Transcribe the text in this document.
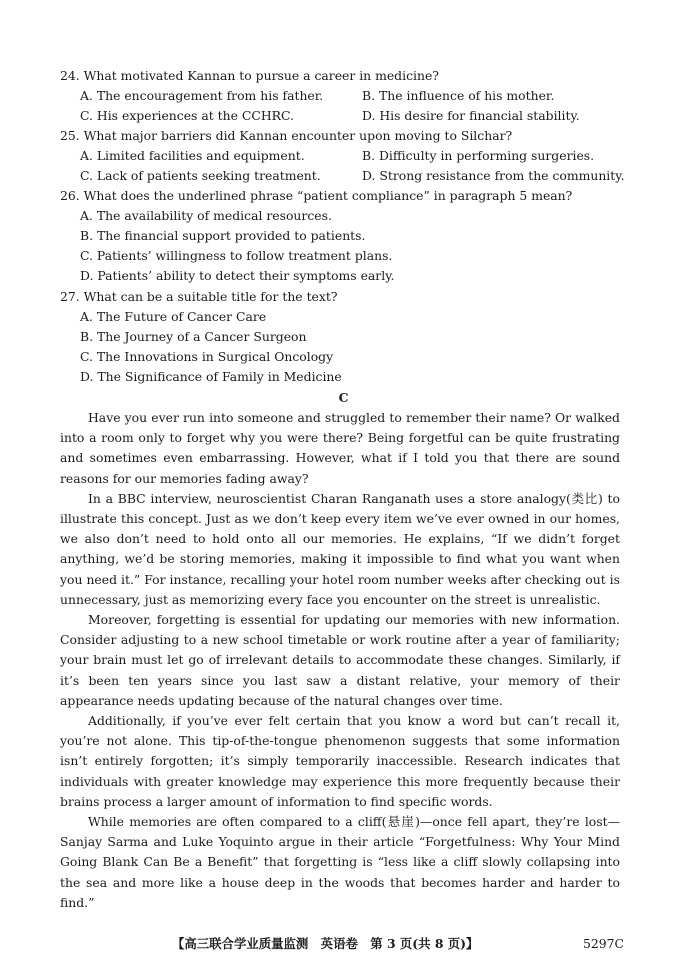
24. What motivated Kannan to pursue a career in medicine?
A. The encouragement from his father.	B. The influence of his mother.
C. His experiences at the CCHRC.	D. His desire for financial stability.
25. What major barriers did Kannan encounter upon moving to Silchar?
A. Limited facilities and equipment.	B. Difficulty in performing surgeries.
C. Lack of patients seeking treatment.	D. Strong resistance from the community.
26. What does the underlined phrase “patient compliance” in paragraph 5 mean?
A. The availability of medical resources.
B. The financial support provided to patients.
C. Patients’ willingness to follow treatment plans.
D. Patients’ ability to detect their symptoms early.
27. What can be a suitable title for the text?
A. The Future of Cancer Care
B. The Journey of a Cancer Surgeon
C. The Innovations in Surgical Oncology
D. The Significance of Family in Medicine
C

Have you ever run into someone and struggled to remember their name? Or walked into a room only to forget why you were there? Being forgetful can be quite frustrating and sometimes even embarrassing. However, what if I told you that there are sound reasons for our memories fading away?

In a BBC interview, neuroscientist Charan Ranganath uses a store analogy(类比) to illustrate this concept. Just as we don’t keep every item we’ve ever owned in our homes, we also don’t need to hold onto all our memories. He explains, “If we didn’t forget anything, we’d be storing memories, making it impossible to find what you want when you need it.” For instance, recalling your hotel room number weeks after checking out is unnecessary, just as memorizing every face you encounter on the street is unrealistic.

Moreover, forgetting is essential for updating our memories with new information. Consider adjusting to a new school timetable or work routine after a year of familiarity; your brain must let go of irrelevant details to accommodate these changes. Similarly, if it’s been ten years since you last saw a distant relative, your memory of their appearance needs updating because of the natural changes over time.

Additionally, if you’ve ever felt certain that you know a word but can’t recall it, you’re not alone. This tip-of-the-tongue phenomenon suggests that some information isn’t entirely forgotten; it’s simply temporarily inaccessible. Research indicates that individuals with greater knowledge may experience this more frequently because their brains process a larger amount of information to find specific words.

While memories are often compared to a cliff(悬崖)—once fell apart, they’re lost—Sanjay Sarma and Luke Yoquinto argue in their article “Forgetfulness: Why Your Mind Going Blank Can Be a Benefit” that forgetting is “less like a cliff slowly collapsing into the sea and more like a house deep in the woods that becomes harder and harder to find.”

【高三联合学业质量监测　英语卷　第 3 页(共 8 页)】	5297C
